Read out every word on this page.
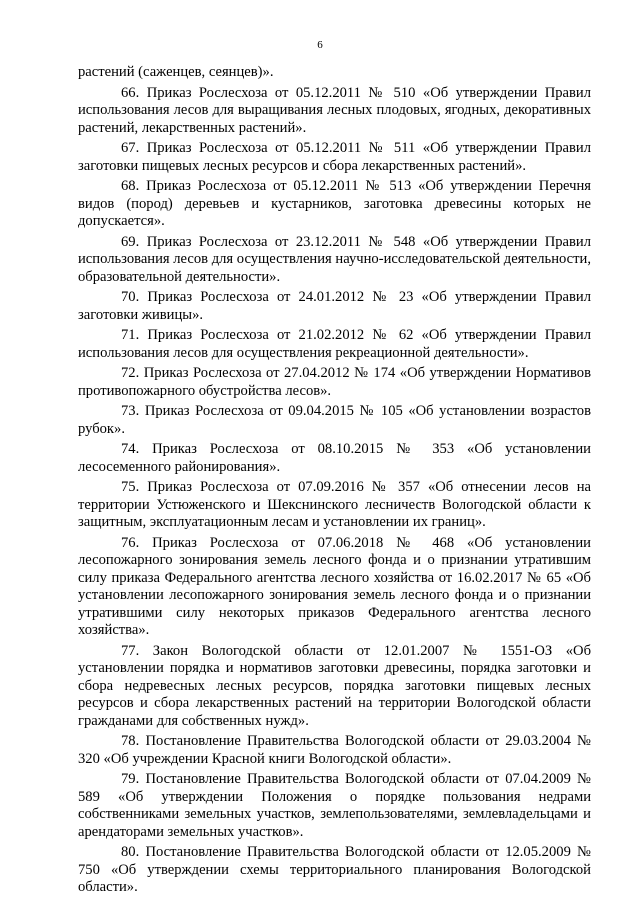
6

растений (саженцев, сеянцев)».

66. Приказ Рослесхоза от 05.12.2011 № 510 «Об утверждении Правил использования лесов для выращивания лесных плодовых, ягодных, декоративных растений, лекарственных растений».

67. Приказ Рослесхоза от 05.12.2011 № 511 «Об утверждении Правил заготовки пищевых лесных ресурсов и сбора лекарственных растений».

68. Приказ Рослесхоза от 05.12.2011 № 513 «Об утверждении Перечня видов (пород) деревьев и кустарников, заготовка древесины которых не допускается».

69. Приказ Рослесхоза от 23.12.2011 № 548 «Об утверждении Правил использования лесов для осуществления научно-исследовательской деятельности, образовательной деятельности».

70. Приказ Рослесхоза от 24.01.2012 № 23 «Об утверждении Правил заготовки живицы».

71. Приказ Рослесхоза от 21.02.2012 № 62 «Об утверждении Правил использования лесов для осуществления рекреационной деятельности».

72. Приказ Рослесхоза от 27.04.2012 № 174 «Об утверждении Нормативов противопожарного обустройства лесов».

73. Приказ Рослесхоза от 09.04.2015 № 105 «Об установлении возрастов рубок».

74. Приказ Рослесхоза от 08.10.2015 № 353 «Об установлении лесосеменного районирования».

75. Приказ Рослесхоза от 07.09.2016 № 357 «Об отнесении лесов на территории Устюженского и Шекснинского лесничеств Вологодской области к защитным, эксплуатационным лесам и установлении их границ».

76. Приказ Рослесхоза от 07.06.2018 № 468 «Об установлении лесопожарного зонирования земель лесного фонда и о признании утратившим силу приказа Федерального агентства лесного хозяйства от 16.02.2017 № 65 «Об установлении лесопожарного зонирования земель лесного фонда и о признании утратившими силу некоторых приказов Федерального агентства лесного хозяйства».

77. Закон Вологодской области от 12.01.2007 № 1551-ОЗ «Об установлении порядка и нормативов заготовки древесины, порядка заготовки и сбора недревесных лесных ресурсов, порядка заготовки пищевых лесных ресурсов и сбора лекарственных растений на территории Вологодской области гражданами для собственных нужд».

78. Постановление Правительства Вологодской области от 29.03.2004 № 320 «Об учреждении Красной книги Вологодской области».

79. Постановление Правительства Вологодской области от 07.04.2009 № 589 «Об утверждении Положения о порядке пользования недрами собственниками земельных участков, землепользователями, землевладельцами и арендаторами земельных участков».

80. Постановление Правительства Вологодской области от 12.05.2009 № 750 «Об утверждении схемы территориального планирования Вологодской области».
